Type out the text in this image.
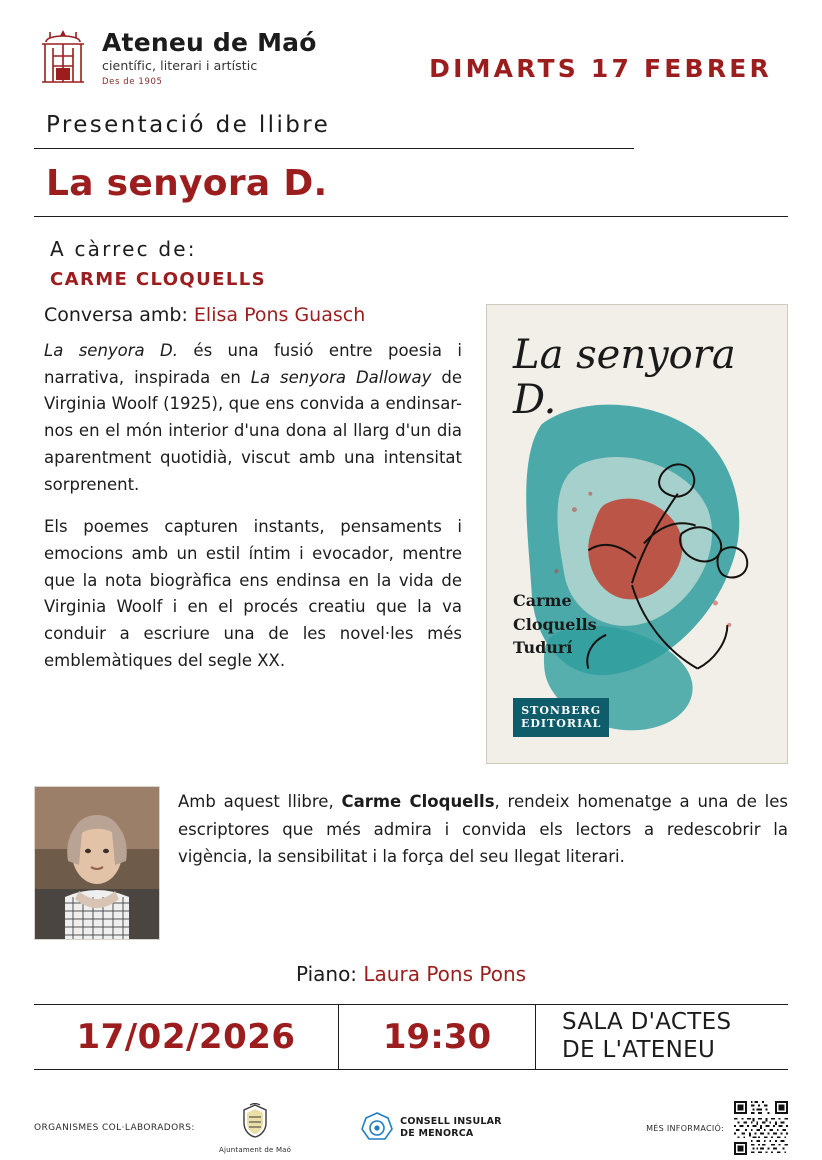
Ateneu de Maó
científic, literari i artístic
Des de 1905	DIMARTS 17 FEBRER
Presentació de llibre
La senyora D.
A càrrec de:
CARME CLOQUELLS
Conversa amb: Elisa Pons Guasch

La senyora D. és una fusió entre poesia i narrativa, inspirada en La senyora Dalloway de Virginia Woolf (1925), que ens convida a endinsar-nos en el món interior d'una dona al llarg d'un dia aparentment quotidià, viscut amb una intensitat sorprenent.

Els poemes capturen instants, pensaments i emocions amb un estil íntim i evocador, mentre que la nota biogràfica ens endinsa en la vida de Virginia Woolf i en el procés creatiu que la va conduir a escriure una de les novel·les més emblemàtiques del segle XX.

La senyora
D.
Carme
Cloquells
Tudurí
STONBERG
EDITORIAL
Amb aquest llibre, Carme Cloquells, rendeix homenatge a una de les escriptores que més admira i convida els lectors a redescobrir la vigència, la sensibilitat i la força del seu llegat literari.
Piano: Laura Pons Pons
17/02/2026	19:30	SALA D'ACTES
DE L'ATENEU
ORGANISMES COL·LABORADORS:
Ajuntament de Maó
CONSELL INSULAR
DE MENORCA	MÉS INFORMACIÓ:
